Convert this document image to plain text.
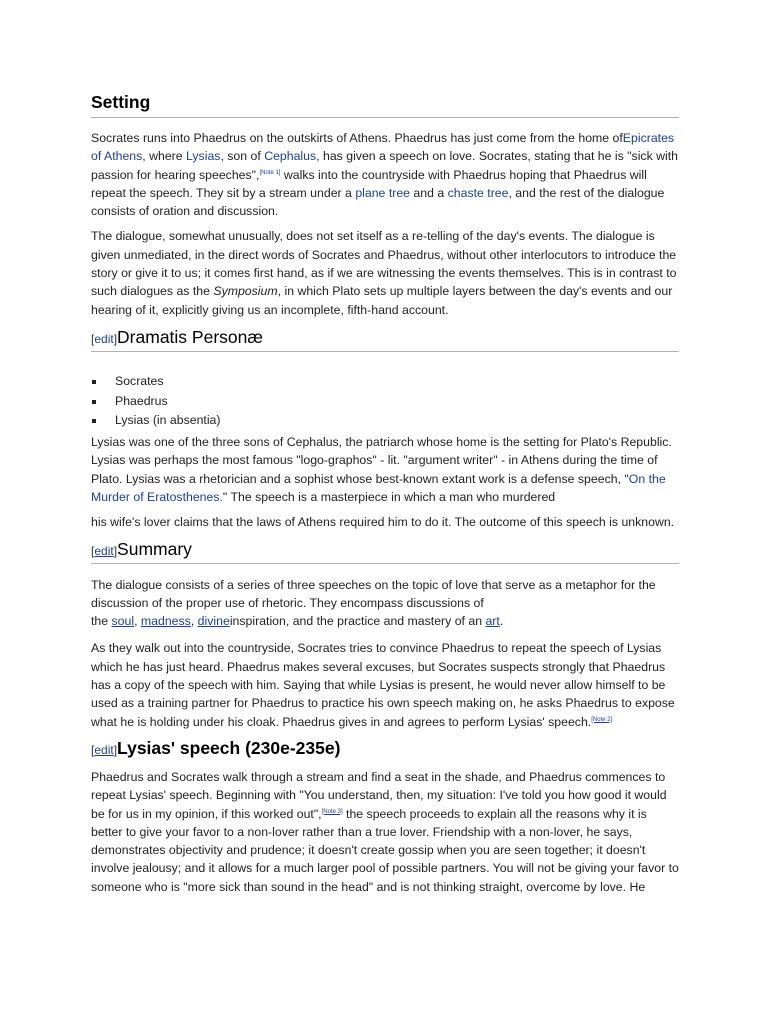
Setting

Socrates runs into Phaedrus on the outskirts of Athens. Phaedrus has just come from the home ofEpicrates of Athens, where Lysias, son of Cephalus, has given a speech on love. Socrates, stating that he is "sick with passion for hearing speeches",[Note 1] walks into the countryside with Phaedrus hoping that Phaedrus will repeat the speech. They sit by a stream under a plane tree and a chaste tree, and the rest of the dialogue consists of oration and discussion.

The dialogue, somewhat unusually, does not set itself as a re-telling of the day's events. The dialogue is given unmediated, in the direct words of Socrates and Phaedrus, without other interlocutors to introduce the story or give it to us; it comes first hand, as if we are witnessing the events themselves. This is in contrast to such dialogues as the Symposium, in which Plato sets up multiple layers between the day's events and our hearing of it, explicitly giving us an incomplete, fifth-hand account.

[edit]Dramatis Personæ
Socrates
Phaedrus
Lysias (in absentia)

Lysias was one of the three sons of Cephalus, the patriarch whose home is the setting for Plato's Republic. Lysias was perhaps the most famous "logo-graphos" - lit. "argument writer" - in Athens during the time of Plato. Lysias was a rhetorician and a sophist whose best-known extant work is a defense speech, "On the Murder of Eratosthenes." The speech is a masterpiece in which a man who murdered

his wife's lover claims that the laws of Athens required him to do it. The outcome of this speech is unknown.

[edit]Summary

The dialogue consists of a series of three speeches on the topic of love that serve as a metaphor for the discussion of the proper use of rhetoric. They encompass discussions of
the soul, madness, divineinspiration, and the practice and mastery of an art.

As they walk out into the countryside, Socrates tries to convince Phaedrus to repeat the speech of Lysias which he has just heard. Phaedrus makes several excuses, but Socrates suspects strongly that Phaedrus has a copy of the speech with him. Saying that while Lysias is present, he would never allow himself to be used as a training partner for Phaedrus to practice his own speech making on, he asks Phaedrus to expose what he is holding under his cloak. Phaedrus gives in and agrees to perform Lysias' speech.[Note 2]

[edit]Lysias' speech (230e-235e)

Phaedrus and Socrates walk through a stream and find a seat in the shade, and Phaedrus commences to repeat Lysias' speech. Beginning with "You understand, then, my situation: I've told you how good it would be for us in my opinion, if this worked out",[Note 3] the speech proceeds to explain all the reasons why it is better to give your favor to a non-lover rather than a true lover. Friendship with a non-lover, he says, demonstrates objectivity and prudence; it doesn't create gossip when you are seen together; it doesn't involve jealousy; and it allows for a much larger pool of possible partners. You will not be giving your favor to someone who is "more sick than sound in the head" and is not thinking straight, overcome by love. He
